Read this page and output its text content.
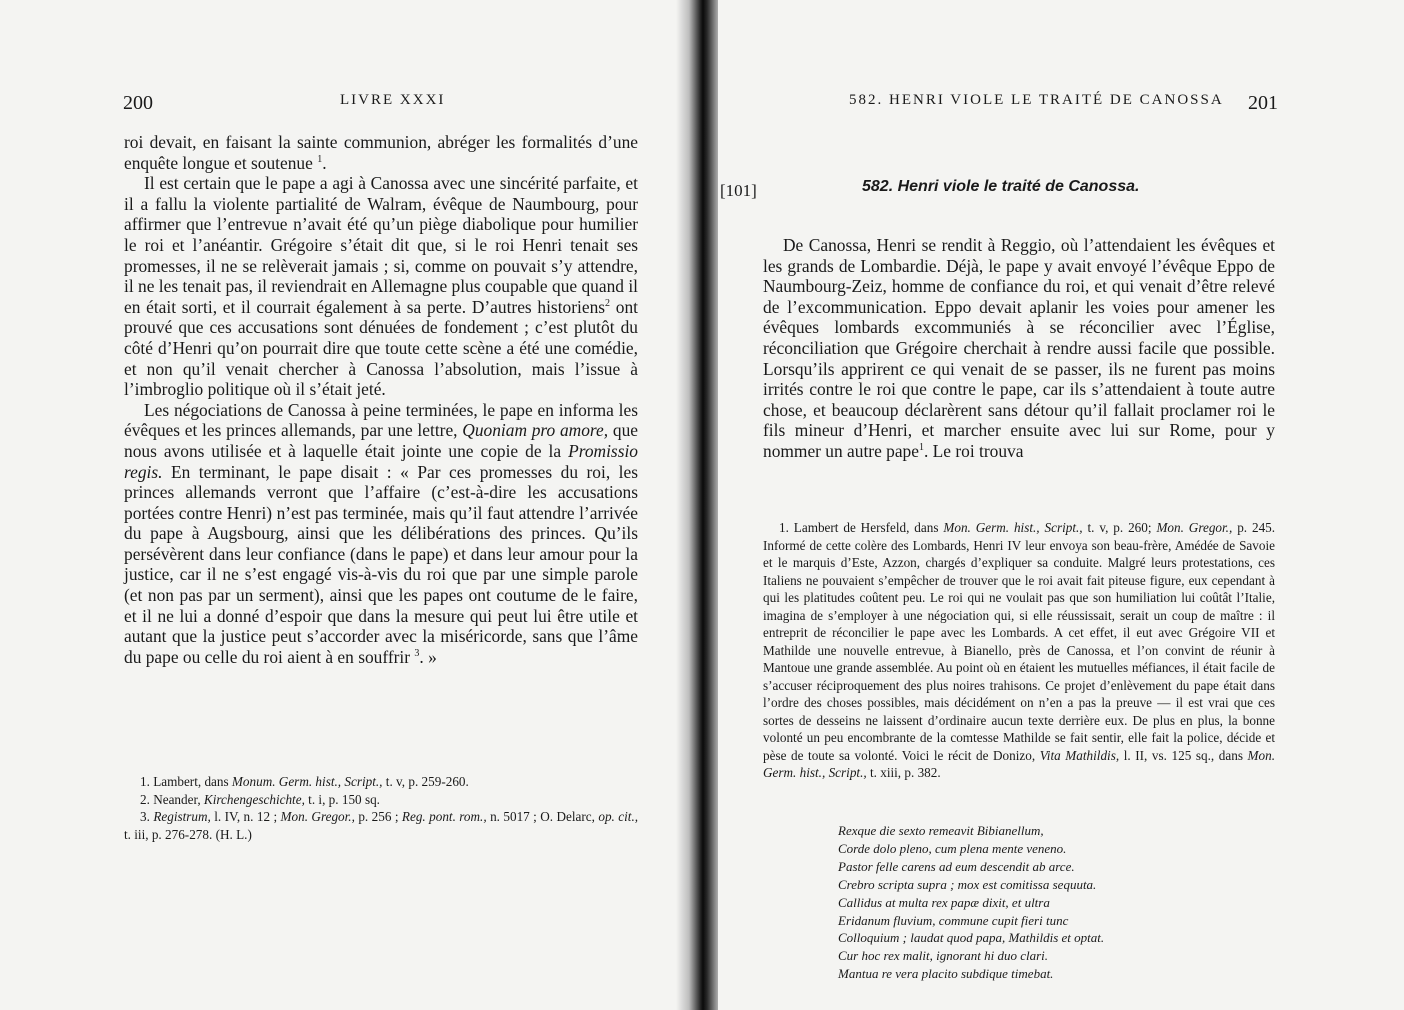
200	LIVRE XXXI

roi devait, en faisant la sainte communion, abréger les formalités d’une enquête longue et soutenue $^1$.

Il est certain que le pape a agi à Canossa avec une sincérité parfaite, et il a fallu la violente partialité de Walram, évêque de Naumbourg, pour affirmer que l’entrevue n’avait été qu’un piège diabolique pour humilier le roi et l’anéantir. Grégoire s’était dit que, si le roi Henri tenait ses promesses, il ne se relèverait jamais ; si, comme on pouvait s’y attendre, il ne les tenait pas, il reviendrait en Allemagne plus coupable que quand il en était sorti, et il courrait également à sa perte. D’autres historiens$^2$ ont prouvé que ces accusations sont dénuées de fondement ; c’est plutôt du côté d’Henri qu’on pourrait dire que toute cette scène a été une comédie, et non qu’il venait chercher à Canossa l’absolution, mais l’issue à l’imbroglio politique où il s’était jeté.

Les négociations de Canossa à peine terminées, le pape en informa les évêques et les princes allemands, par une lettre, Quoniam pro amore, que nous avons utilisée et à laquelle était jointe une copie de la Promissio regis. En terminant, le pape disait : « Par ces promesses du roi, les princes allemands verront que l’affaire (c’est-à-dire les accusations portées contre Henri) n’est pas terminée, mais qu’il faut attendre l’arrivée du pape à Augsbourg, ainsi que les délibérations des princes. Qu’ils persévèrent dans leur confiance (dans le pape) et dans leur amour pour la justice, car il ne s’est engagé vis-à-vis du roi que par une simple parole (et non pas par un serment), ainsi que les papes ont coutume de le faire, et il ne lui a donné d’espoir que dans la mesure qui peut lui être utile et autant que la justice peut s’accorder avec la miséricorde, sans que l’âme du pape ou celle du roi aient à en souffrir $^3$. »

1. Lambert, dans Monum. Germ. hist., Script., t. v, p. 259-260.

2. Neander, Kirchengeschichte, t. i, p. 150 sq.

3. Registrum, l. IV, n. 12 ; Mon. Gregor., p. 256 ; Reg. pont. rom., n. 5017 ; O. Delarc, op. cit., t. iii, p. 276-278. (H. L.)

582. HENRI VIOLE LE TRAITÉ DE CANOSSA 201
[101]	582. Henri viole le traité de Canossa.

De Canossa, Henri se rendit à Reggio, où l’attendaient les évêques et les grands de Lombardie. Déjà, le pape y avait envoyé l’évêque Eppo de Naumbourg-Zeiz, homme de confiance du roi, et qui venait d’être relevé de l’excommunication. Eppo devait aplanir les voies pour amener les évêques lombards excommuniés à se réconcilier avec l’Église, réconciliation que Grégoire cherchait à rendre aussi facile que possible. Lorsqu’ils apprirent ce qui venait de se passer, ils ne furent pas moins irrités contre le roi que contre le pape, car ils s’attendaient à toute autre chose, et beaucoup déclarèrent sans détour qu’il fallait proclamer roi le fils mineur d’Henri, et marcher ensuite avec lui sur Rome, pour y nommer un autre pape$^1$. Le roi trouva

1. Lambert de Hersfeld, dans Mon. Germ. hist., Script., t. v, p. 260; Mon. Gregor., p. 245. Informé de cette colère des Lombards, Henri IV leur envoya son beau-frère, Amédée de Savoie et le marquis d’Este, Azzon, chargés d’expliquer sa conduite. Malgré leurs protestations, ces Italiens ne pouvaient s’empêcher de trouver que le roi avait fait piteuse figure, eux cependant à qui les platitudes coûtent peu. Le roi qui ne voulait pas que son humiliation lui coûtât l’Italie, imagina de s’employer à une négociation qui, si elle réussissait, serait un coup de maître : il entreprit de réconcilier le pape avec les Lombards. A cet effet, il eut avec Grégoire VII et Mathilde une nouvelle entrevue, à Bianello, près de Canossa, et l’on convint de réunir à Mantoue une grande assemblée. Au point où en étaient les mutuelles méfiances, il était facile de s’accuser réciproquement des plus noires trahisons. Ce projet d’enlèvement du pape était dans l’ordre des choses possibles, mais décidément on n’en a pas la preuve — il est vrai que ces sortes de desseins ne laissent d’ordinaire aucun texte derrière eux. De plus en plus, la bonne volonté un peu encombrante de la comtesse Mathilde se fait sentir, elle fait la police, décide et pèse de toute sa volonté. Voici le récit de Donizo, Vita Mathildis, l. II, vs. 125 sq., dans Mon. Germ. hist., Script., t. xiii, p. 382.

Rexque die sexto remeavit Bibianellum,
Corde dolo pleno, cum plena mente veneno.
Pastor felle carens ad eum descendit ab arce.
Crebro scripta supra ; mox est comitissa sequuta.
Callidus at multa rex papæ dixit, et ultra
Eridanum fluvium, commune cupit fieri tunc
Colloquium ; laudat quod papa, Mathildis et optat.
Cur hoc rex malit, ignorant hi duo clari.
Mantua re vera placito subdique timebat.
